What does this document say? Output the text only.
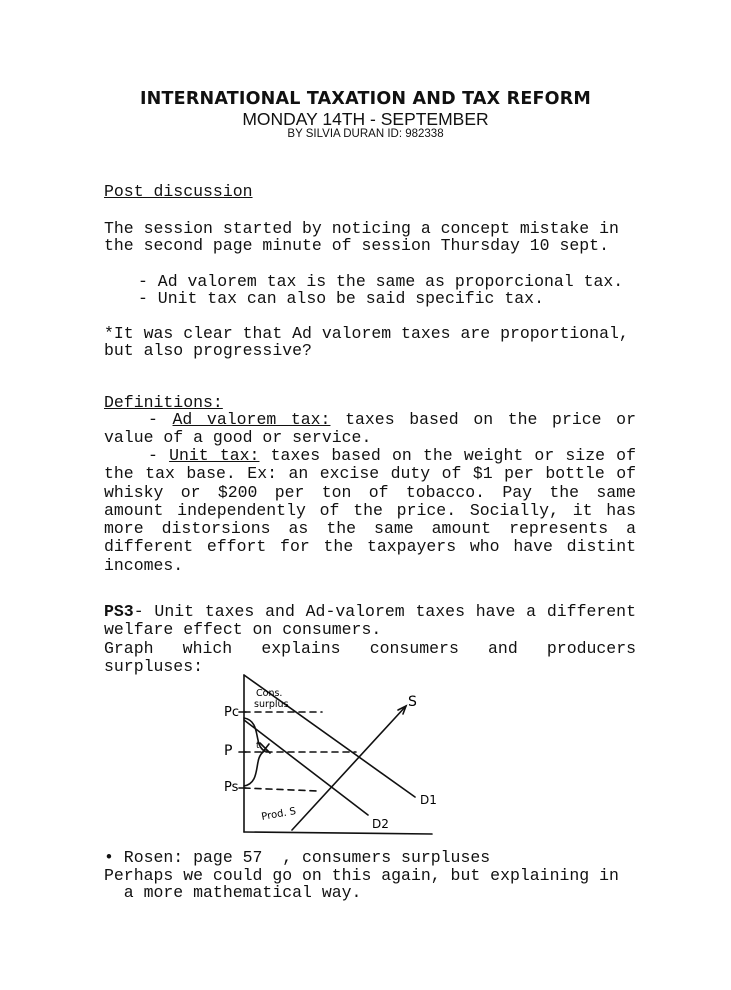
INTERNATIONAL TAXATION AND TAX REFORM
MONDAY 14TH - SEPTEMBER
BY SILVIA DURAN ID: 982338
Post discussion
The session started by noticing a concept mistake in
the second page minute of session Thursday 10 sept.
- Ad valorem tax is the same as proporcional tax.
- Unit tax can also be said specific tax.
*It was clear that Ad valorem taxes are proportional,
but also progressive?
Definitions:

- Ad valorem tax: taxes based on the price or value of a good or service.

- Unit tax: taxes based on the weight or size of the tax base. Ex: an excise duty of $1 per bottle of whisky or $200 per ton of tobacco. Pay the same amount independently of the price. Socially, it has more distorsions as the same amount represents a different effort for the taxpayers who have distint incomes.

PS3- Unit taxes and Ad-valorem taxes have a different welfare effect on consumers.

Graph which explains consumers and producers surpluses:

Pc
P
Ps
Cons.
surplus
Prod. S
S
D1
D2
t
• Rosen: page 57  , consumers surpluses
Perhaps we could go on this again, but explaining in
a more mathematical way.
